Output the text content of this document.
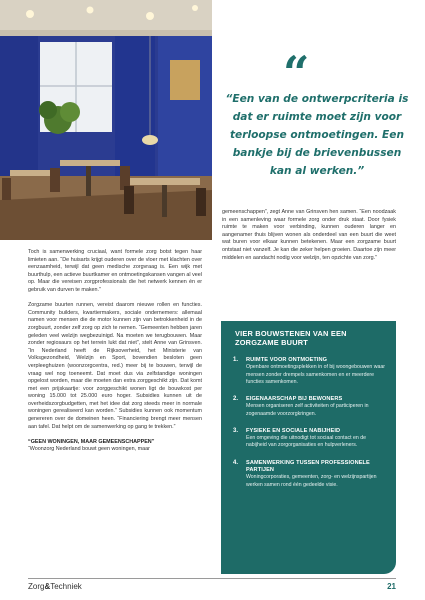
“
“Een van de ontwerpcriteria is dat er ruimte moet zijn voor terloopse ontmoetingen. Een bankje bij de brievenbussen kan al werken.”

gemeenschappen”, zegt Anne van Grinsven hen samen. “Een noodzaak in een samenleving waar formele zorg onder druk staat. Door fysiek ruimte te maken voor verbinding, kunnen ouderen langer en aangenamer thuis blijven wonen als onderdeel van een buurt die weet wat buren voor elkaar kunnen betekenen. Maar een zorgzame buurt ontstaat niet vanzelf. Je kan die zeker helpen groeien. Daartoe zijn meer middelen en aandacht nodig voor welzijn, ten opzichte van zorg.”

Toch is samenwerking cruciaal, want formele zorg botst tegen haar limieten aan. “De huisarts krijgt ouderen over de vloer met klachten over eenzaamheid, terwijl dat geen medische zorgvraag is. Een wijk met buurthulp, een actieve buurtkamer en ontmoetingskansen vangen al veel op. Maar die vereisen zorgprofessionals die het netwerk kennen én er gebruik van durven te maken.”

Zorgzame buurten runnen, vereist daarom nieuwe rollen en functies. Community builders, kwartiermakers, sociale ondernemers: allemaal namen voor mensen die de motor kunnen zijn van betrokkenheid in de zorgbuurt, zonder zelf zorg op zich te nemen. “Gemeenten hebben jaren geleden veel welzijn wegbezuinigd. Na moeten we terugbouwen. Maar zonder regiosaurs op het terrein lukt dat niet”, stelt Anne van Grinsven. “In Nederland heeft de Rijksoverheid, het Ministerie van Volksgezondheid, Welzijn en Sport, bovendien besloten geen verpleeghuizen (woonzorgcentra, red.) meer bij te bouwen, terwijl de vraag wel nog toeneemt. Dat moet dus via zelfstandige woningen opgelost worden, maar die moeten dan extra zorggeschikt zijn. Dat komt met een prijskaartje: voor zorggeschikt wonen ligt de bouwkost per woning 15.000 tot 25.000 euro hoger. Subsidies kunnen uit de overheidszorgbudgetten, met het idee dat zorg steeds meer in normale woningen gerealiseerd kan worden.” Subsidies kunnen ook momentum genereren over de domeinen heen. “Financiering brengt meer mensen aan tafel. Dat helpt om de samenwerking op gang te trekken.”

“GEEN WONINGEN, MAAR GEMEENSCHAPPEN”

“Woonzorg Nederland bouwt geen woningen, maar

VIER BOUWSTENEN VAN EEN ZORGZAME BUURT
1.	RUIMTE VOOR ONTMOETING
Openbare ontmoetingsplekken in of bij woongebouwen waar mensen zonder drempels samenkomen en er meerdere functies samenkomen.
2.	EIGENAARSCHAP BIJ BEWONERS
Mensen organiseren zelf activiteiten of participeren in zogenaamde voorzorgkringen.
3.	FYSIEKE EN SOCIALE NABIJHEID
Een omgeving die uitnodigt tot sociaal contact en de nabijheid van zorgorganisaties en hulpverleners.
4.	SAMENWERKING TUSSEN PROFESSIONELE PARTIJEN
Woningcorporaties, gemeenten, zorg- en welzijnspartijen werken samen rond één gedeelde visie.
Zorg&Techniek	21
